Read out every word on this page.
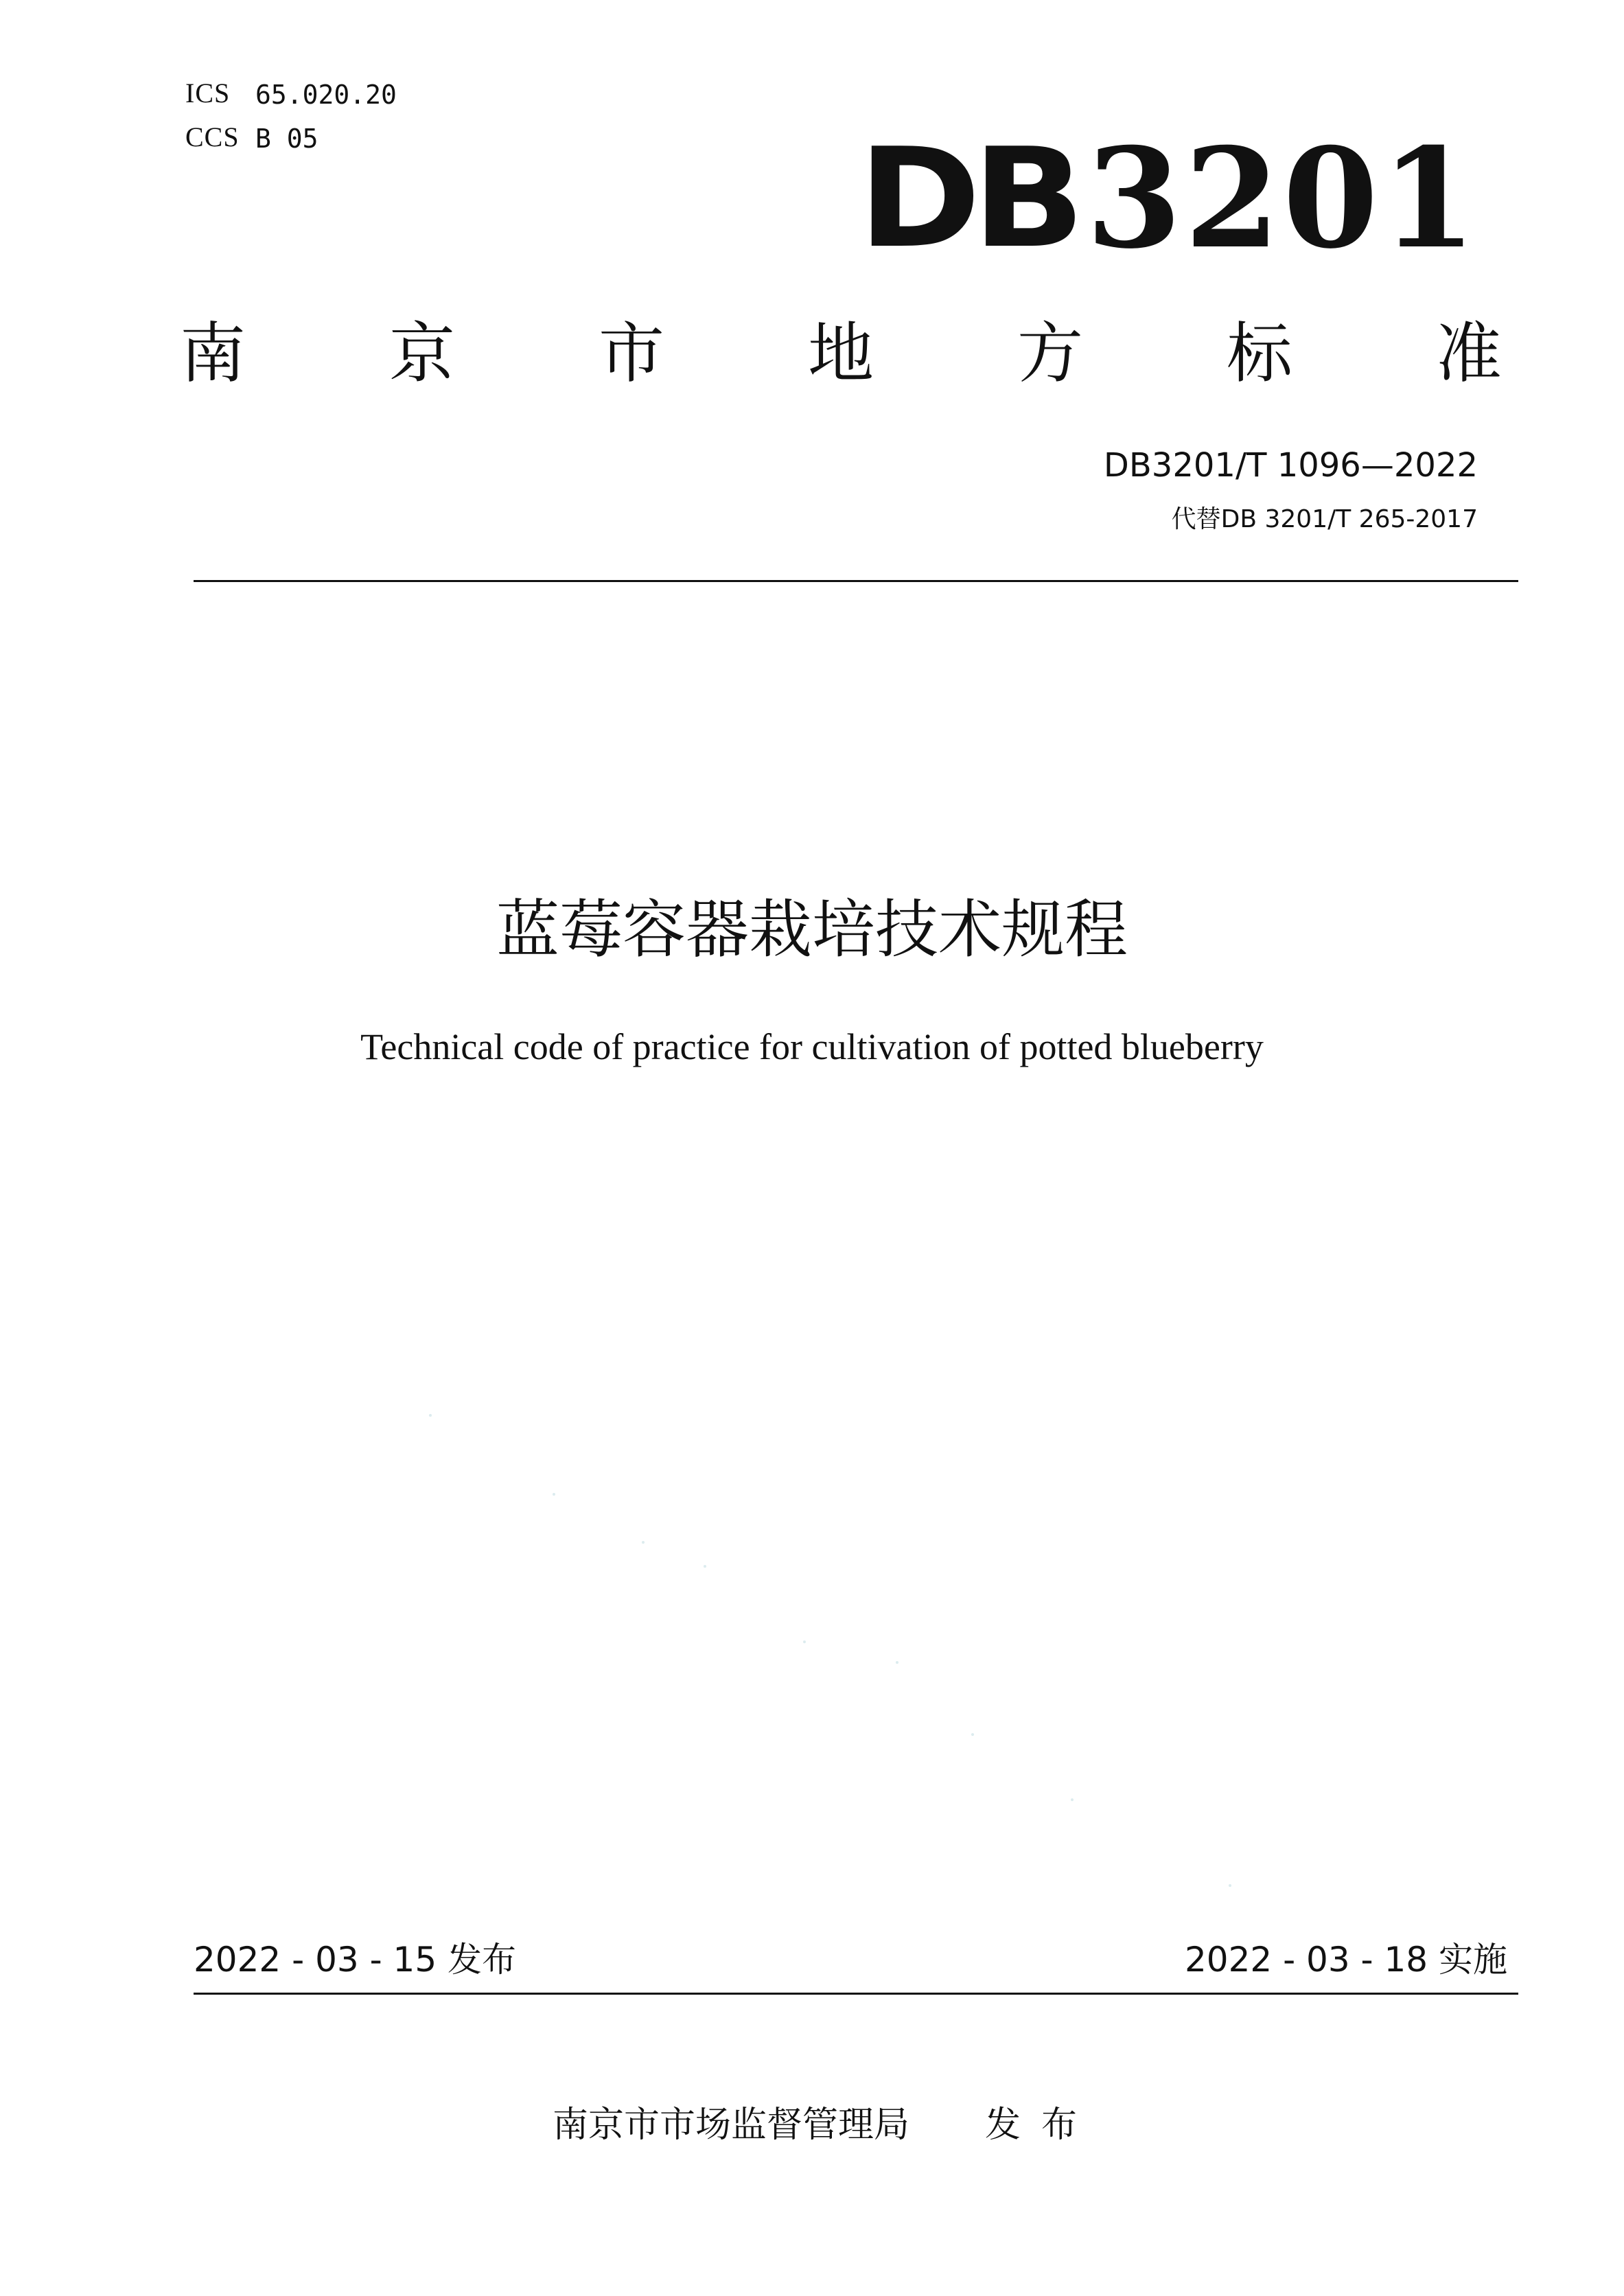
ICS 65.020.20
CCS B 05	DB3201
南 京 市 地 方 标 准
DB3201/T 1096—2022
代替DB 3201/T 265-2017
蓝莓容器栽培技术规程
Technical code of practice for cultivation of potted blueberry
2022 - 03 - 15 发布	2022 - 03 - 18 实施
南京市市场监督管理局 发布
